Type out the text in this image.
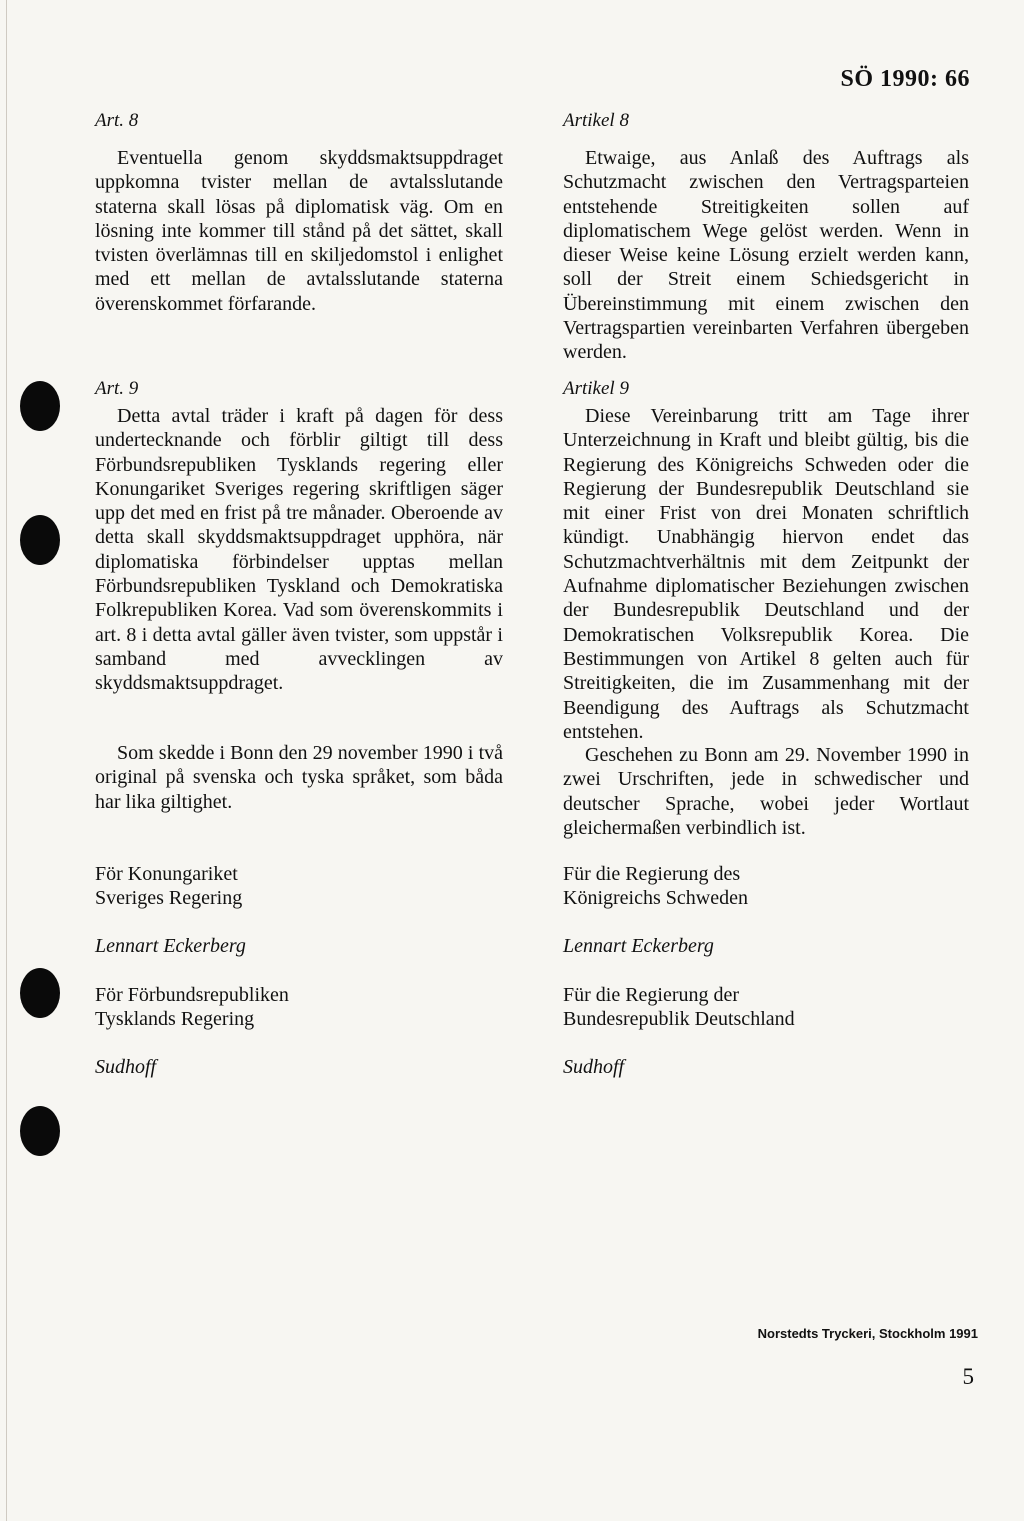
SÖ 1990: 66
Art. 8

Eventuella genom skyddsmaktsuppdraget uppkomna tvister mellan de avtalsslutande staterna skall lösas på diplomatisk väg. Om en lösning inte kommer till stånd på det sättet, skall tvisten överlämnas till en skiljedomstol i enlighet med ett mellan de avtalsslutande staterna överenskommet förfarande.

Art. 9

Detta avtal träder i kraft på dagen för dess undertecknande och förblir giltigt till dess Förbundsrepubliken Tysklands regering eller Konungariket Sveriges regering skriftligen säger upp det med en frist på tre månader. Oberoende av detta skall skyddsmaktsuppdraget upphöra, när diplomatiska förbindelser upptas mellan Förbundsrepubliken Tyskland och Demokratiska Folkrepubliken Korea. Vad som överenskommits i art. 8 i detta avtal gäller även tvister, som uppstår i samband med avvecklingen av skyddsmaktsuppdraget.

Som skedde i Bonn den 29 november 1990 i två original på svenska och tyska språket, som båda har lika giltighet.

För Konungariket
Sveriges Regering

Lennart Eckerberg

För Förbundsrepubliken
Tysklands Regering

Sudhoff

Artikel 8

Etwaige, aus Anlaß des Auftrags als Schutzmacht zwischen den Vertragsparteien entstehende Streitigkeiten sollen auf diplomatischem Wege gelöst werden. Wenn in dieser Weise keine Lösung erzielt werden kann, soll der Streit einem Schiedsgericht in Übereinstimmung mit einem zwischen den Vertragspartien vereinbarten Verfahren übergeben werden.

Artikel 9

Diese Vereinbarung tritt am Tage ihrer Unterzeichnung in Kraft und bleibt gültig, bis die Regierung des Königreichs Schweden oder die Regierung der Bundesrepublik Deutschland sie mit einer Frist von drei Monaten schriftlich kündigt. Unabhängig hiervon endet das Schutzmachtverhältnis mit dem Zeitpunkt der Aufnahme diplomatischer Beziehungen zwischen der Bundesrepublik Deutschland und der Demokratischen Volksrepublik Korea. Die Bestimmungen von Artikel 8 gelten auch für Streitigkeiten, die im Zusammenhang mit der Beendigung des Auftrags als Schutzmacht entstehen.

Geschehen zu Bonn am 29. November 1990 in zwei Urschriften, jede in schwedischer und deutscher Sprache, wobei jeder Wortlaut gleichermaßen verbindlich ist.

Für die Regierung des
Königreichs Schweden

Lennart Eckerberg

Für die Regierung der
Bundesrepublik Deutschland

Sudhoff

Norstedts Tryckeri, Stockholm 1991
5
